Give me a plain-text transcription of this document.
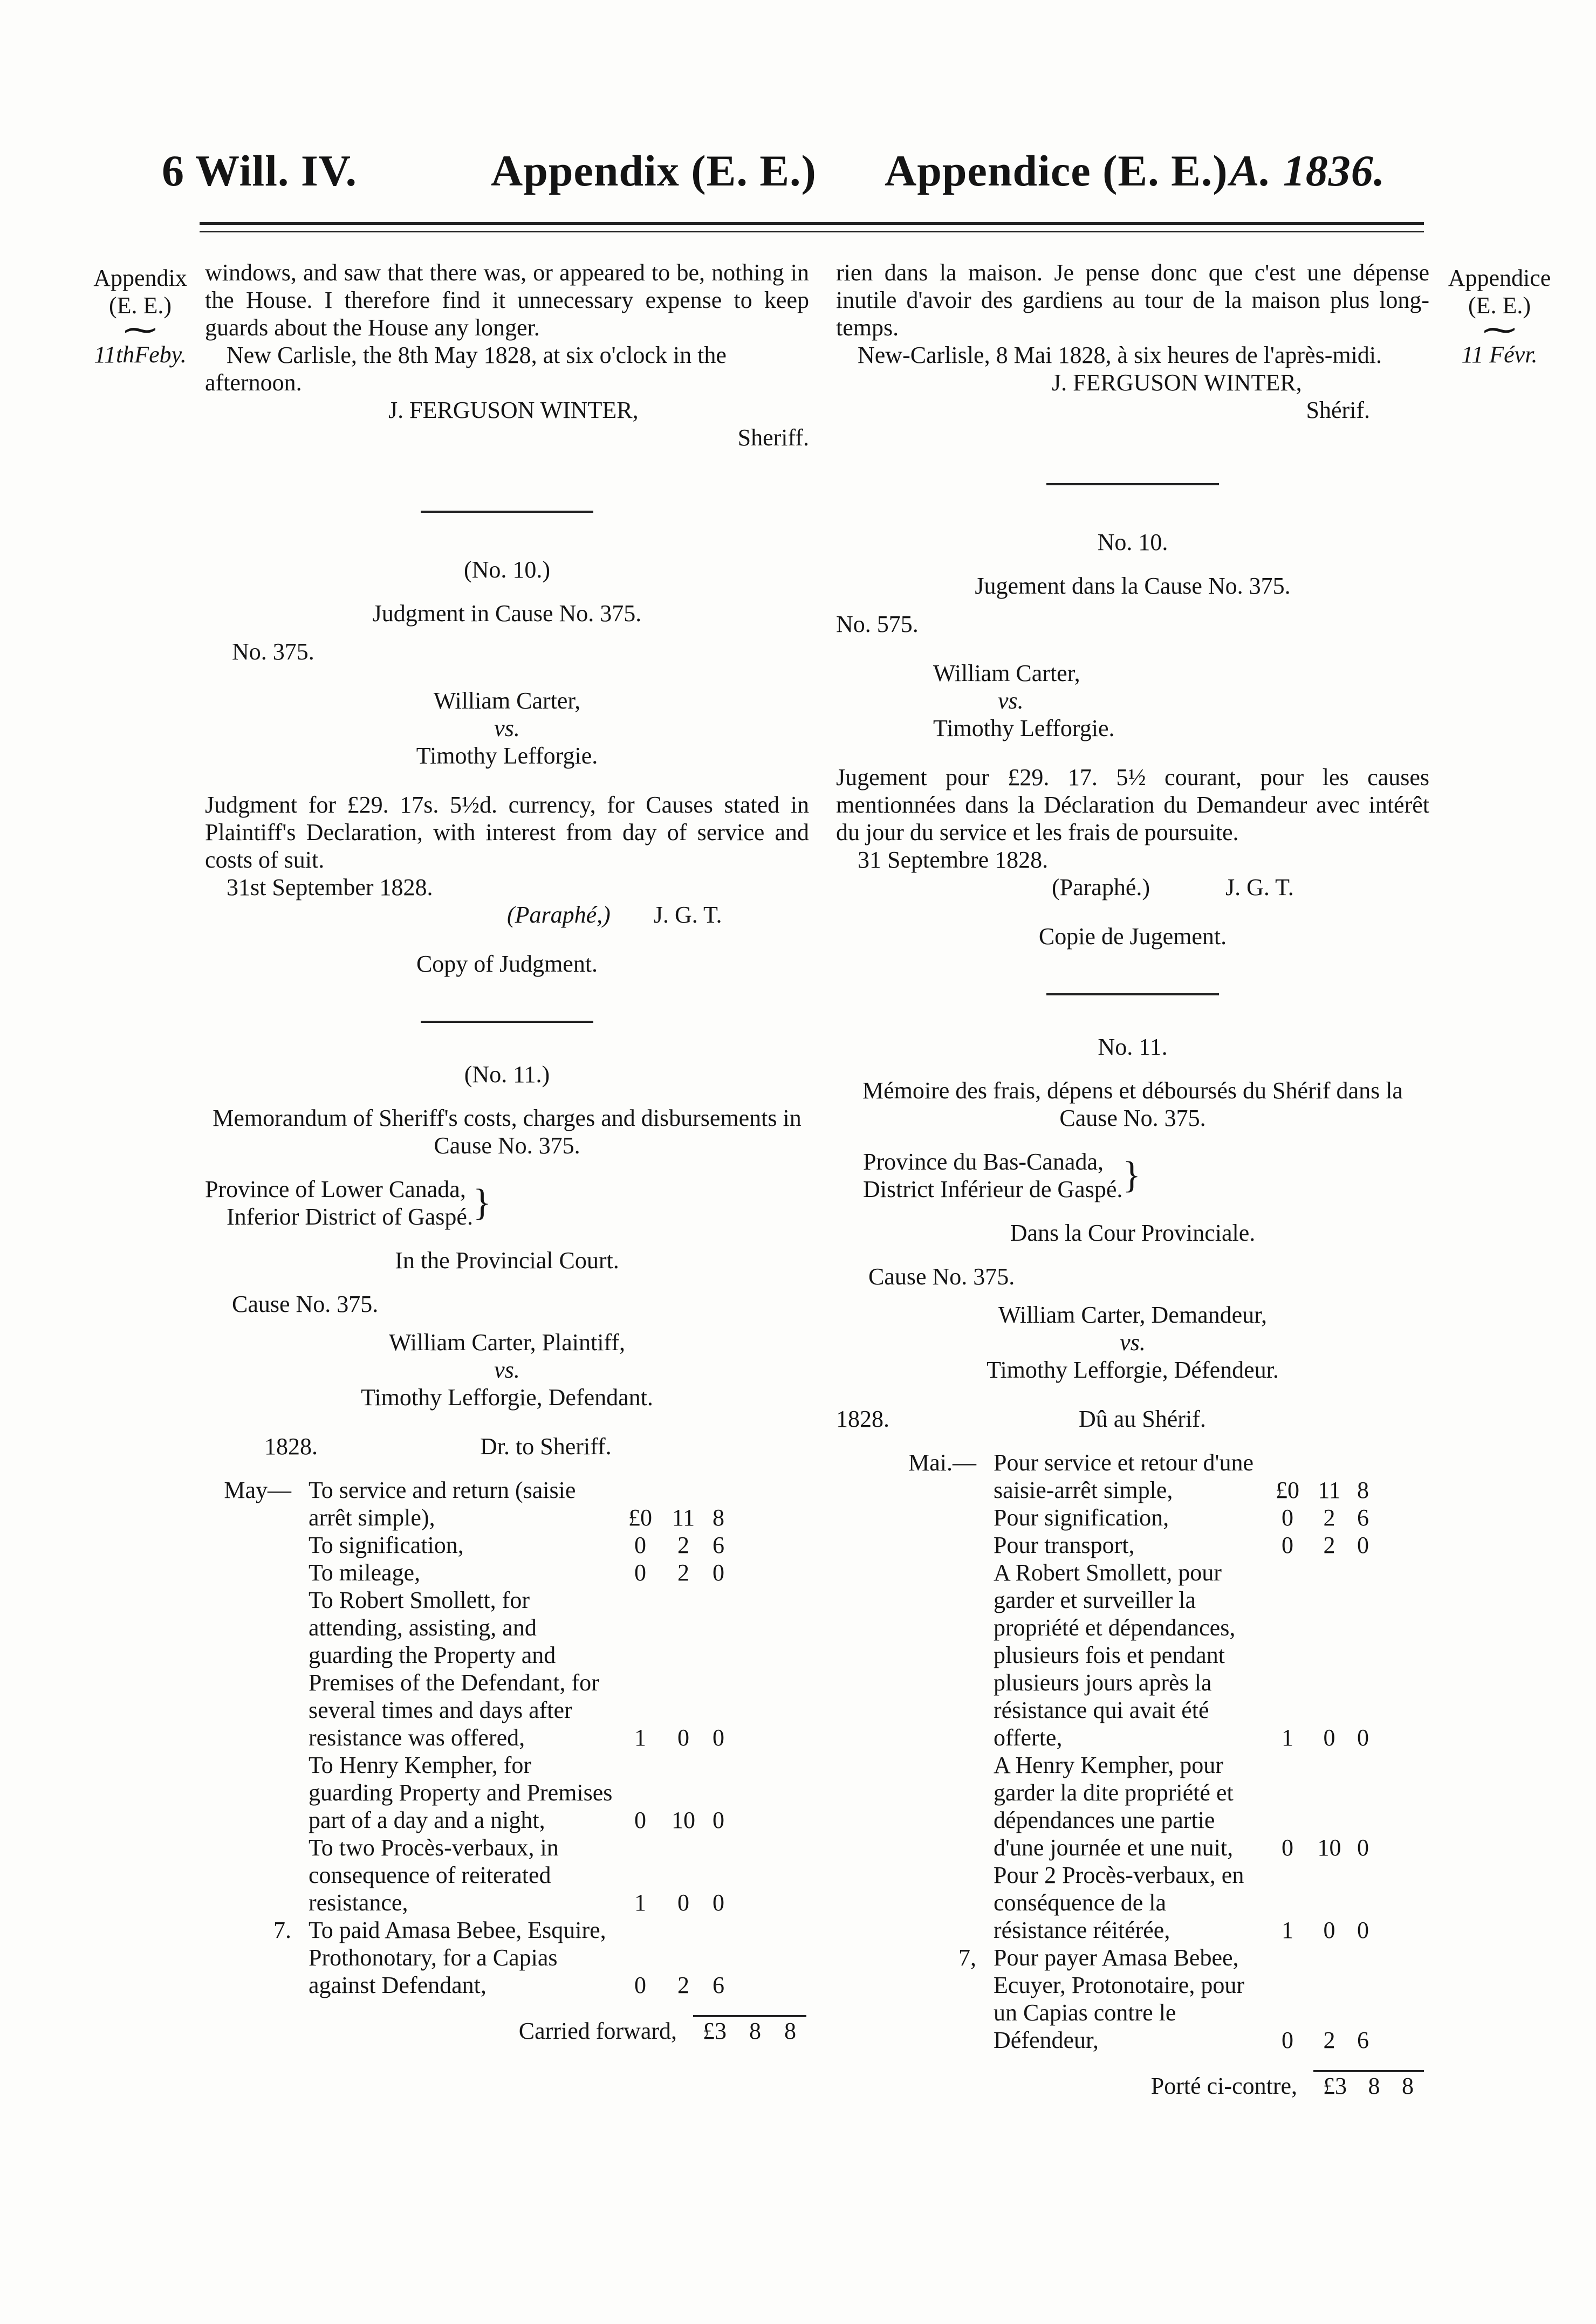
6 Will. IV.	Appendix (E. E.) Appendice (E. E.) A. 1836.
Appendix
(E. E.)
⁓
11thFeby.
Appendice
(E. E.)
⁓
11 Févr.

windows, and saw that there was, or appeared to be, nothing in the House. I therefore find it unnecessary expense to keep guards about the House any longer.

New Carlisle, the 8th May 1828, at six o'clock in the afternoon.

J. FERGUSON WINTER,

Sheriff.

(No. 10.)

Judgment in Cause No. 375.

No. 375.

William Carter,

vs.

Timothy Lefforgie.

Judgment for £29. 17s. 5½d. currency, for Causes stated in Plaintiff's Declaration, with interest from day of service and costs of suit.

31st September 1828.

(Paraphé,) J. G. T.

Copy of Judgment.

(No. 11.)

Memorandum of Sheriff's costs, charges and disbursements in Cause No. 375.

Province of Lower Canada,

Inferior District of Gaspé. }

In the Provincial Court.

Cause No. 375.

William Carter, Plaintiff,

vs.

Timothy Lefforgie, Defendant.

1828.	Dr. to Sheriff.
May—	To service and return (saisie arrêt simple),	£0	11	8
	To signification,	0	2	6
	To mileage,	0	2	0
	To Robert Smollett, for attending, assisting, and guarding the Property and Premises of the Defendant, for several times and days after resistance was offered,	1	0	0
	To Henry Kempher, for guarding Property and Premises part of a day and a night,	0	10	0
	To two Procès-verbaux, in consequence of reiterated resistance,	1	0	0
7.	To paid Amasa Bebee, Esquire, Prothonotary, for a Capias against Defendant,	0	2	6
Carried forward,	£3 8 8

rien dans la maison. Je pense donc que c'est une dépense inutile d'avoir des gardiens au tour de la maison plus long-temps.

New-Carlisle, 8 Mai 1828, à six heures de l'après-midi.

J. FERGUSON WINTER,

Shérif.

No. 10.

Jugement dans la Cause No. 375.

No. 575.

William Carter,

vs.

Timothy Lefforgie.

Jugement pour £29. 17. 5½ courant, pour les causes mentionnées dans la Déclaration du Demandeur avec intérêt du jour du service et les frais de poursuite.

31 Septembre 1828.

(Paraphé.)	J. G. T.

Copie de Jugement.

No. 11.

Mémoire des frais, dépens et déboursés du Shérif dans la Cause No. 375.

Province du Bas-Canada,

District Inférieur de Gaspé. }

Dans la Cour Provinciale.

Cause No. 375.

William Carter, Demandeur,

vs.

Timothy Lefforgie, Défendeur.

1828.	Dû au Shérif.
Mai.—	Pour service et retour d'une saisie-arrêt simple,	£0	11	8
	Pour signification,	0	2	6
	Pour transport,	0	2	0
	A Robert Smollett, pour garder et surveiller la propriété et dépendances, plusieurs fois et pendant plusieurs jours après la résistance qui avait été offerte,	1	0	0
	A Henry Kempher, pour garder la dite propriété et dépendances une partie d'une journée et une nuit,	0	10	0
	Pour 2 Procès-verbaux, en conséquence de la résistance réitérée,	1	0	0
7,	Pour payer Amasa Bebee, Ecuyer, Protonotaire, pour un Capias contre le Défendeur,	0	2	6
Porté ci-contre,	£3 8 8
